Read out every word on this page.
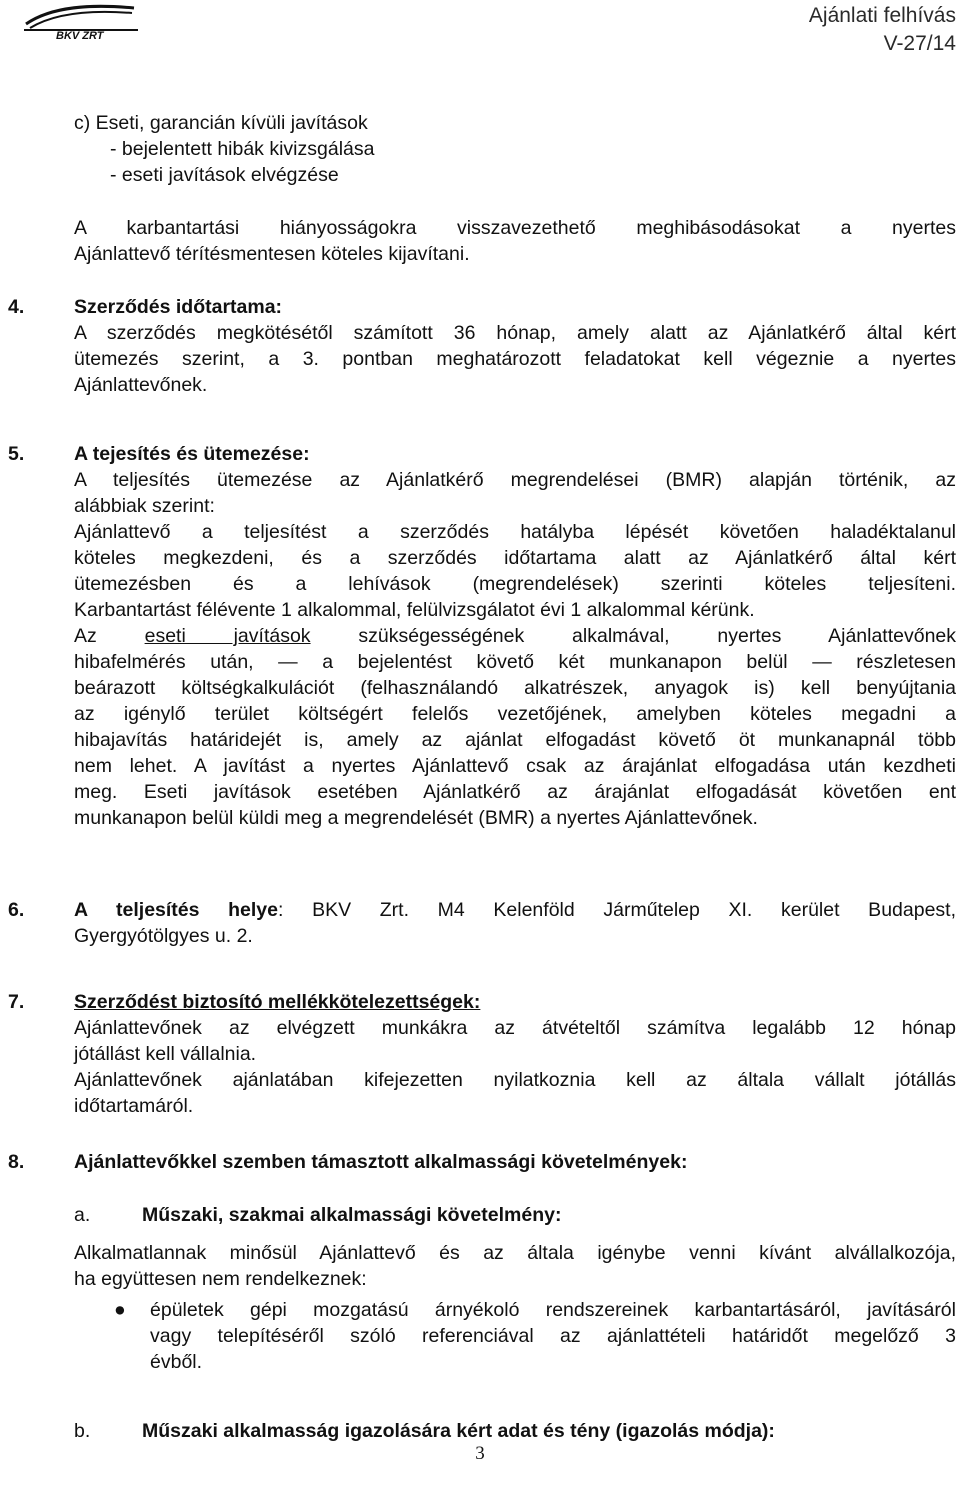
BKV ZRT
Ajánlati felhívás
V-27/14
c) Eseti, garancián kívüli javítások
- bejelentett hibák kivizsgálása
- eseti javítások elvégzése
A karbantartási hiányosságokra visszavezethető meghibásodásokat a nyertes
Ajánlattevő térítésmentesen köteles kijavítani.
4.	Szerződés időtartama:
A szerződés megkötésétől számított 36 hónap, amely alatt az Ajánlatkérő által kért
ütemezés szerint, a 3. pontban meghatározott feladatokat kell végeznie a nyertes
Ajánlattevőnek.
5.	A tejesítés és ütemezése:
A teljesítés ütemezése az Ajánlatkérő megrendelései (BMR) alapján történik, az
alábbiak szerint:
Ajánlattevő a teljesítést a szerződés hatályba lépését követően haladéktalanul
köteles megkezdeni, és a szerződés időtartama alatt az Ajánlatkérő által kért
ütemezésben és a lehívások (megrendelések) szerinti köteles teljesíteni.
Karbantartást félévente 1 alkalommal, felülvizsgálatot évi 1 alkalommal kérünk.
Az eseti javítások szükségességének alkalmával, nyertes Ajánlattevőnek
hibafelmérés után, — a bejelentést követő két munkanapon belül — részletesen
beárazott költségkalkulációt (felhasználandó alkatrészek, anyagok is) kell benyújtania
az igénylő terület költségért felelős vezetőjének, amelyben köteles megadni a
hibajavítás határidejét is, amely az ajánlat elfogadást követő öt munkanapnál több
nem lehet. A javítást a nyertes Ajánlattevő csak az árajánlat elfogadása után kezdheti
meg. Eseti javítások esetében Ajánlatkérő az árajánlat elfogadását követően ent
munkanapon belül küldi meg a megrendelését (BMR) a nyertes Ajánlattevőnek.
6.	A teljesítés helye: BKV Zrt. M4 Kelenföld Járműtelep XI. kerület Budapest,
Gyergyótölgyes u. 2.
7.	Szerződést biztosító mellékkötelezettségek:
Ajánlattevőnek az elvégzett munkákra az átvételtől számítva legalább 12 hónap
jótállást kell vállalnia.
Ajánlattevőnek ajánlatában kifejezetten nyilatkoznia kell az általa vállalt jótállás
időtartamáról.
8.	Ajánlattevőkkel szemben támasztott alkalmassági követelmények:
a.	Műszaki, szakmai alkalmassági követelmény:
Alkalmatlannak minősül Ajánlattevő és az általa igénybe venni kívánt alvállalkozója,
ha együttesen nem rendelkeznek:
● épületek gépi mozgatású árnyékoló rendszereinek karbantartásáról, javításáról
vagy telepítéséről szóló referenciával az ajánlattételi határidőt megelőző 3
évből.
b.	Műszaki alkalmasság igazolására kért adat és tény (igazolás módja):
3
